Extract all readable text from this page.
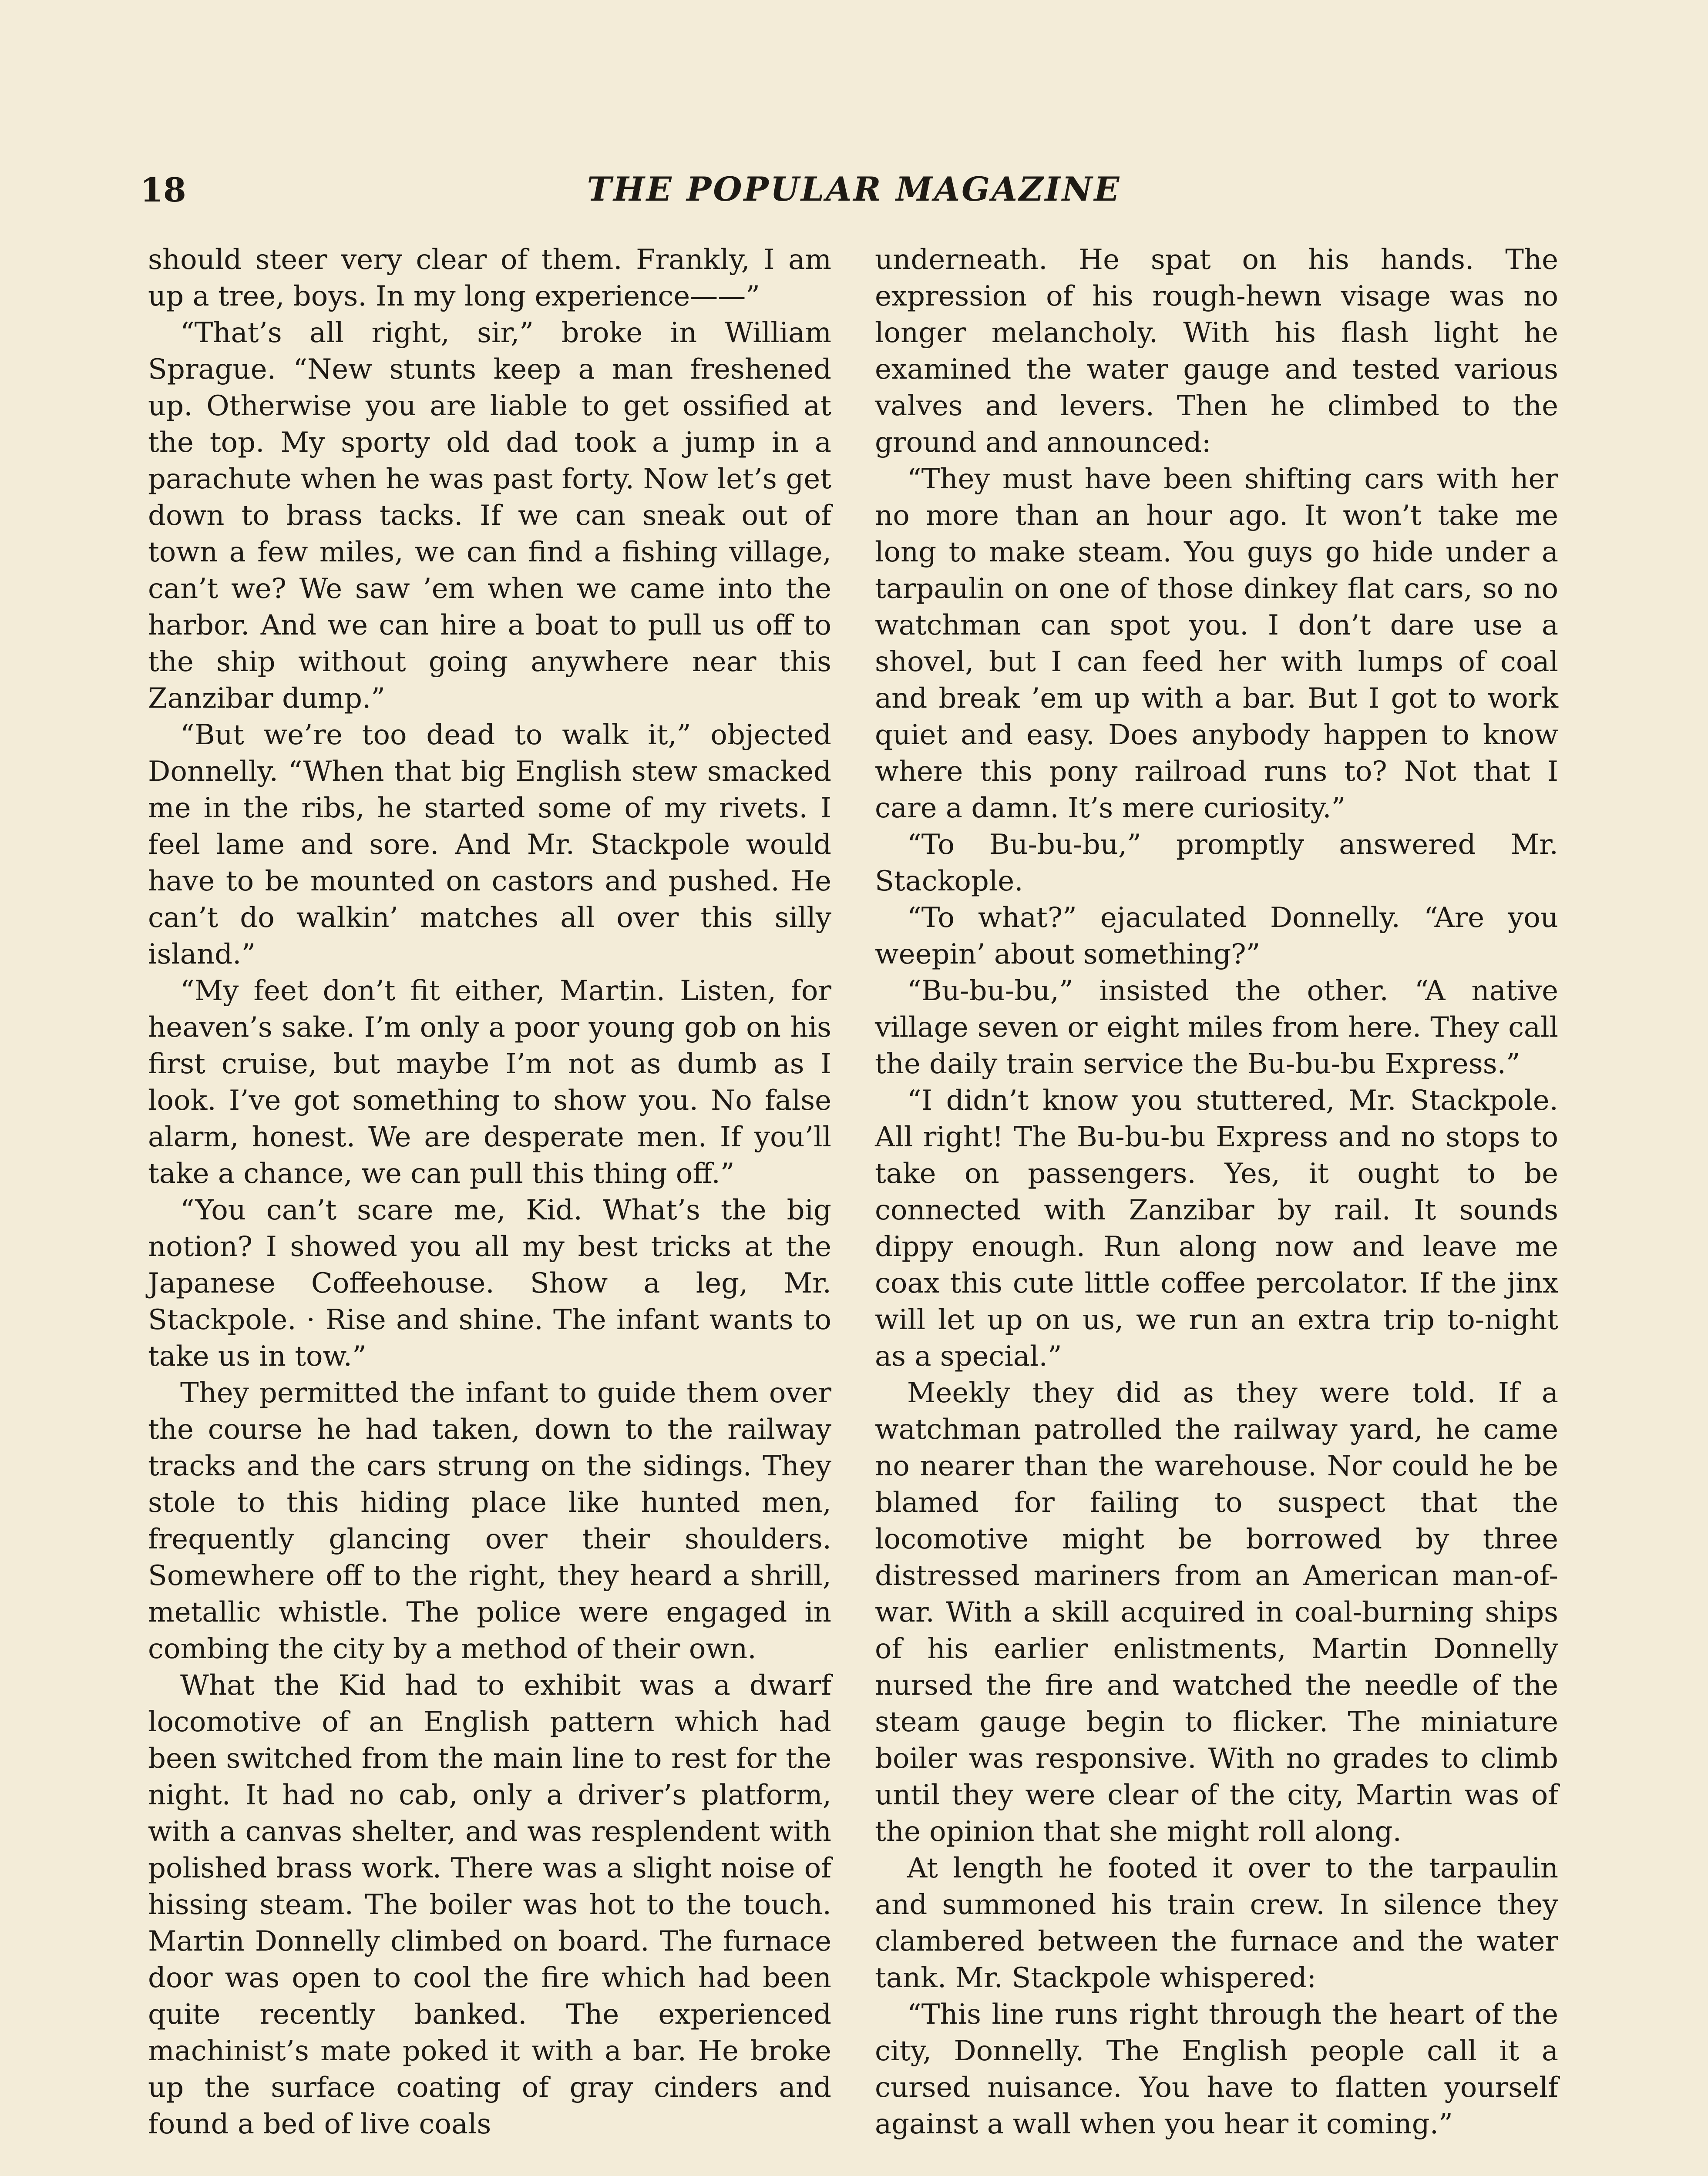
18	THE POPULAR MAGAZINE

should steer very clear of them. Frankly, I am up a tree, boys. In my long experience——”

“That’s all right, sir,” broke in William Sprague. “New stunts keep a man freshened up. Otherwise you are liable to get ossified at the top. My sporty old dad took a jump in a parachute when he was past forty. Now let’s get down to brass tacks. If we can sneak out of town a few miles, we can find a fishing village, can’t we? We saw ’em when we came into the harbor. And we can hire a boat to pull us off to the ship without going anywhere near this Zanzibar dump.”

“But we’re too dead to walk it,” objected Donnelly. “When that big English stew smacked me in the ribs, he started some of my rivets. I feel lame and sore. And Mr. Stackpole would have to be mounted on castors and pushed. He can’t do walkin’ matches all over this silly island.”

“My feet don’t fit either, Martin. Listen, for heaven’s sake. I’m only a poor young gob on his first cruise, but maybe I’m not as dumb as I look. I’ve got something to show you. No false alarm, honest. We are desperate men. If you’ll take a chance, we can pull this thing off.”

“You can’t scare me, Kid. What’s the big notion? I showed you all my best tricks at the Japanese Coffeehouse. Show a leg, Mr. Stackpole. · Rise and shine. The infant wants to take us in tow.”

They permitted the infant to guide them over the course he had taken, down to the railway tracks and the cars strung on the sidings. They stole to this hiding place like hunted men, frequently glancing over their shoulders. Somewhere off to the right, they heard a shrill, metallic whistle. The police were engaged in combing the city by a method of their own.

What the Kid had to exhibit was a dwarf locomotive of an English pattern which had been switched from the main line to rest for the night. It had no cab, only a driver’s platform, with a canvas shelter, and was resplendent with polished brass work. There was a slight noise of hissing steam. The boiler was hot to the touch. Martin Donnelly climbed on board. The furnace door was open to cool the fire which had been quite recently banked. The experienced machinist’s mate poked it with a bar. He broke up the surface coating of gray cinders and found a bed of live coals

underneath. He spat on his hands. The expression of his rough-hewn visage was no longer melancholy. With his flash light he examined the water gauge and tested various valves and levers. Then he climbed to the ground and announced:

“They must have been shifting cars with her no more than an hour ago. It won’t take me long to make steam. You guys go hide under a tarpaulin on one of those dinkey flat cars, so no watchman can spot you. I don’t dare use a shovel, but I can feed her with lumps of coal and break ’em up with a bar. But I got to work quiet and easy. Does anybody happen to know where this pony railroad runs to? Not that I care a damn. It’s mere curiosity.”

“To Bu-bu-bu,” promptly answered Mr. Stackople.

“To what?” ejaculated Donnelly. “Are you weepin’ about something?”

“Bu-bu-bu,” insisted the other. “A native village seven or eight miles from here. They call the daily train service the Bu-bu-bu Express.”

“I didn’t know you stuttered, Mr. Stackpole. All right! The Bu-bu-bu Express and no stops to take on passengers. Yes, it ought to be connected with Zanzibar by rail. It sounds dippy enough. Run along now and leave me coax this cute little coffee percolator. If the jinx will let up on us, we run an extra trip to-night as a special.”

Meekly they did as they were told. If a watchman patrolled the railway yard, he came no nearer than the warehouse. Nor could he be blamed for failing to suspect that the locomotive might be borrowed by three distressed mariners from an American man-of-war. With a skill acquired in coal-burning ships of his earlier enlistments, Martin Donnelly nursed the fire and watched the needle of the steam gauge begin to flicker. The miniature boiler was responsive. With no grades to climb until they were clear of the city, Martin was of the opinion that she might roll along.

At length he footed it over to the tarpaulin and summoned his train crew. In silence they clambered between the furnace and the water tank. Mr. Stackpole whispered:

“This line runs right through the heart of the city, Donnelly. The English people call it a cursed nuisance. You have to flatten yourself against a wall when you hear it coming.”
